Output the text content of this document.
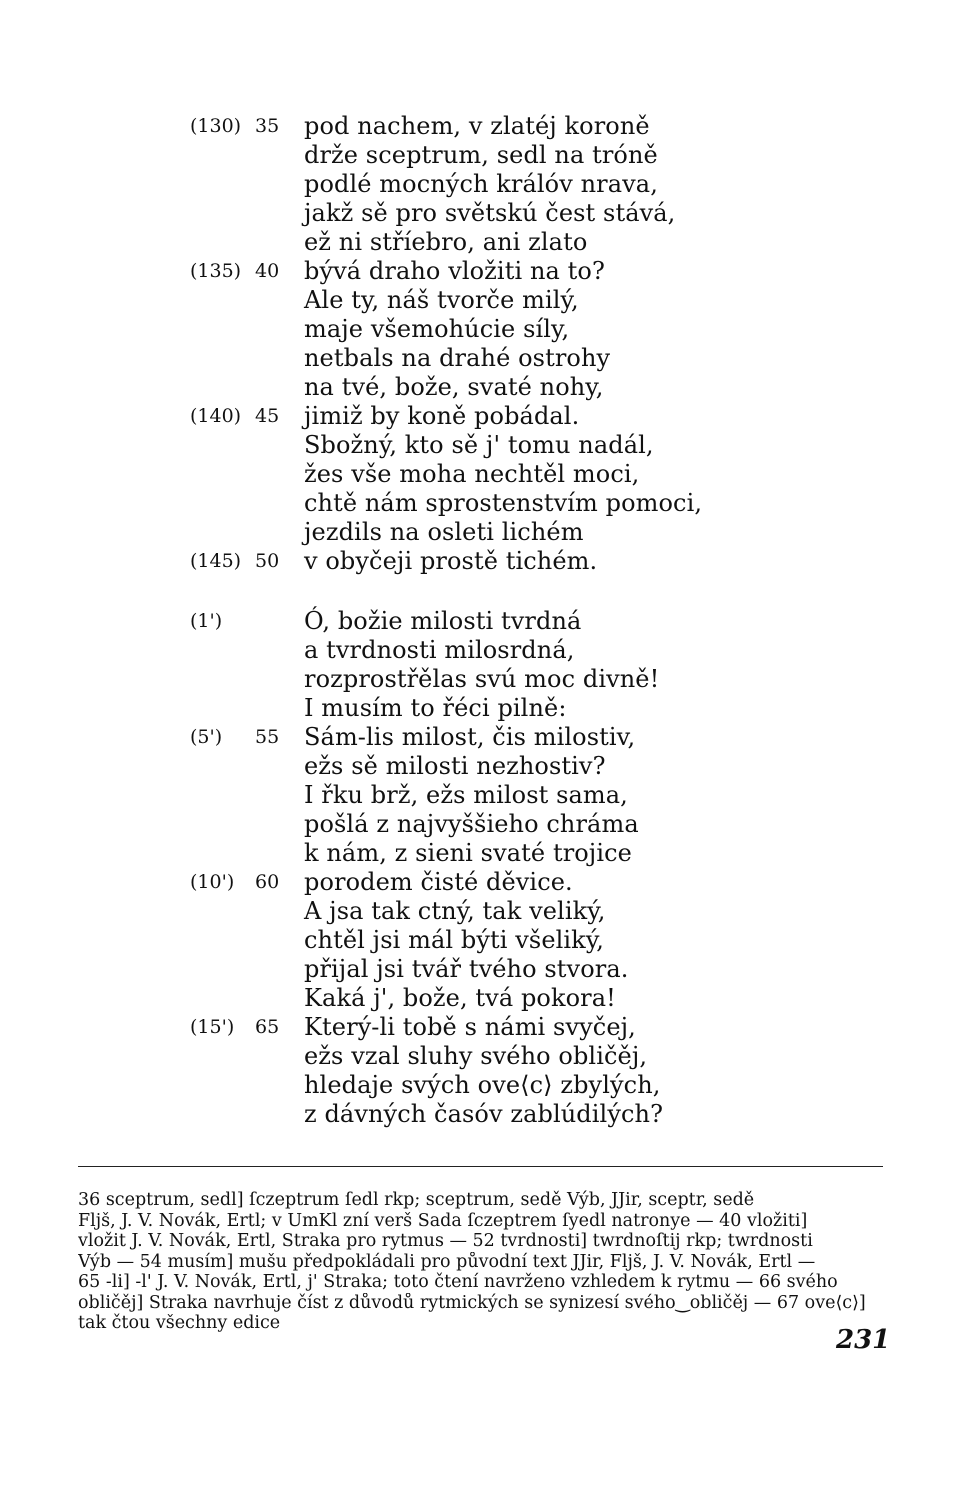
(130) 35 pod nachem, v zlatéj koroně
drže sceptrum, sedl na tróně
podlé mocných králóv nrava,
jakž sě pro světskú čest stává,
ež ni stříebro, ani zlato
(135) 40 bývá draho vložiti na to?
Ale ty, náš tvorče milý,
maje všemohúcie síly,
netbals na drahé ostrohy
na tvé, bože, svaté nohy,
(140) 45 jimiž by koně pobádal.
Sbožný, kto sě j' tomu nadál,
žes vše moha nechtěl moci,
chtě nám sprostenstvím pomoci,
jezdils na osleti lichém
(145) 50 v obyčeji prostě tichém.
(1')	Ó, božie milosti tvrdná
a tvrdnosti milosrdná,
rozprostřělas svú moc divně!
I musím to řéci pilně:
(5') 55 Sám-lis milost, čis milostiv,
ežs sě milosti nezhostiv?
I řku brž, ežs milost sama,
pošlá z najvyššieho chráma
k nám, z sieni svaté trojice
(10') 60 porodem čisté děvice.
A jsa tak ctný, tak veliký,
chtěl jsi mál býti všeliký,
přijal jsi tvář tvého stvora.
Kaká j', bože, tvá pokora!
(15') 65 Který-li tobě s námi svyčej,
ežs vzal sluhy svého obličěj,
hledaje svých ove⟨c⟩ zbylých,
z dávných časóv zablúdilých?
36 sceptrum, sedl] ſczeptrum ſedl rkp; sceptrum, sedě Výb, JJir, sceptr, sedě
Fljš, J. V. Novák, Ertl; v UmKl zní verš Sada ſczeptrem ſyedl natronye — 40 vložiti]
vložit J. V. Novák, Ertl, Straka pro rytmus — 52 tvrdnosti] twrdnoſtij rkp; twrdnosti
Výb — 54 musím] mušu předpokládali pro původní text JJir, Fljš, J. V. Novák, Ertl —
65 -li] -l' J. V. Novák, Ertl, j' Straka; toto čtení navrženo vzhledem k rytmu — 66 svého
obličěj] Straka navrhuje číst z důvodů rytmických se synizesí svého‿obličěj — 67 ove⟨c⟩]
tak čtou všechny edice
231
